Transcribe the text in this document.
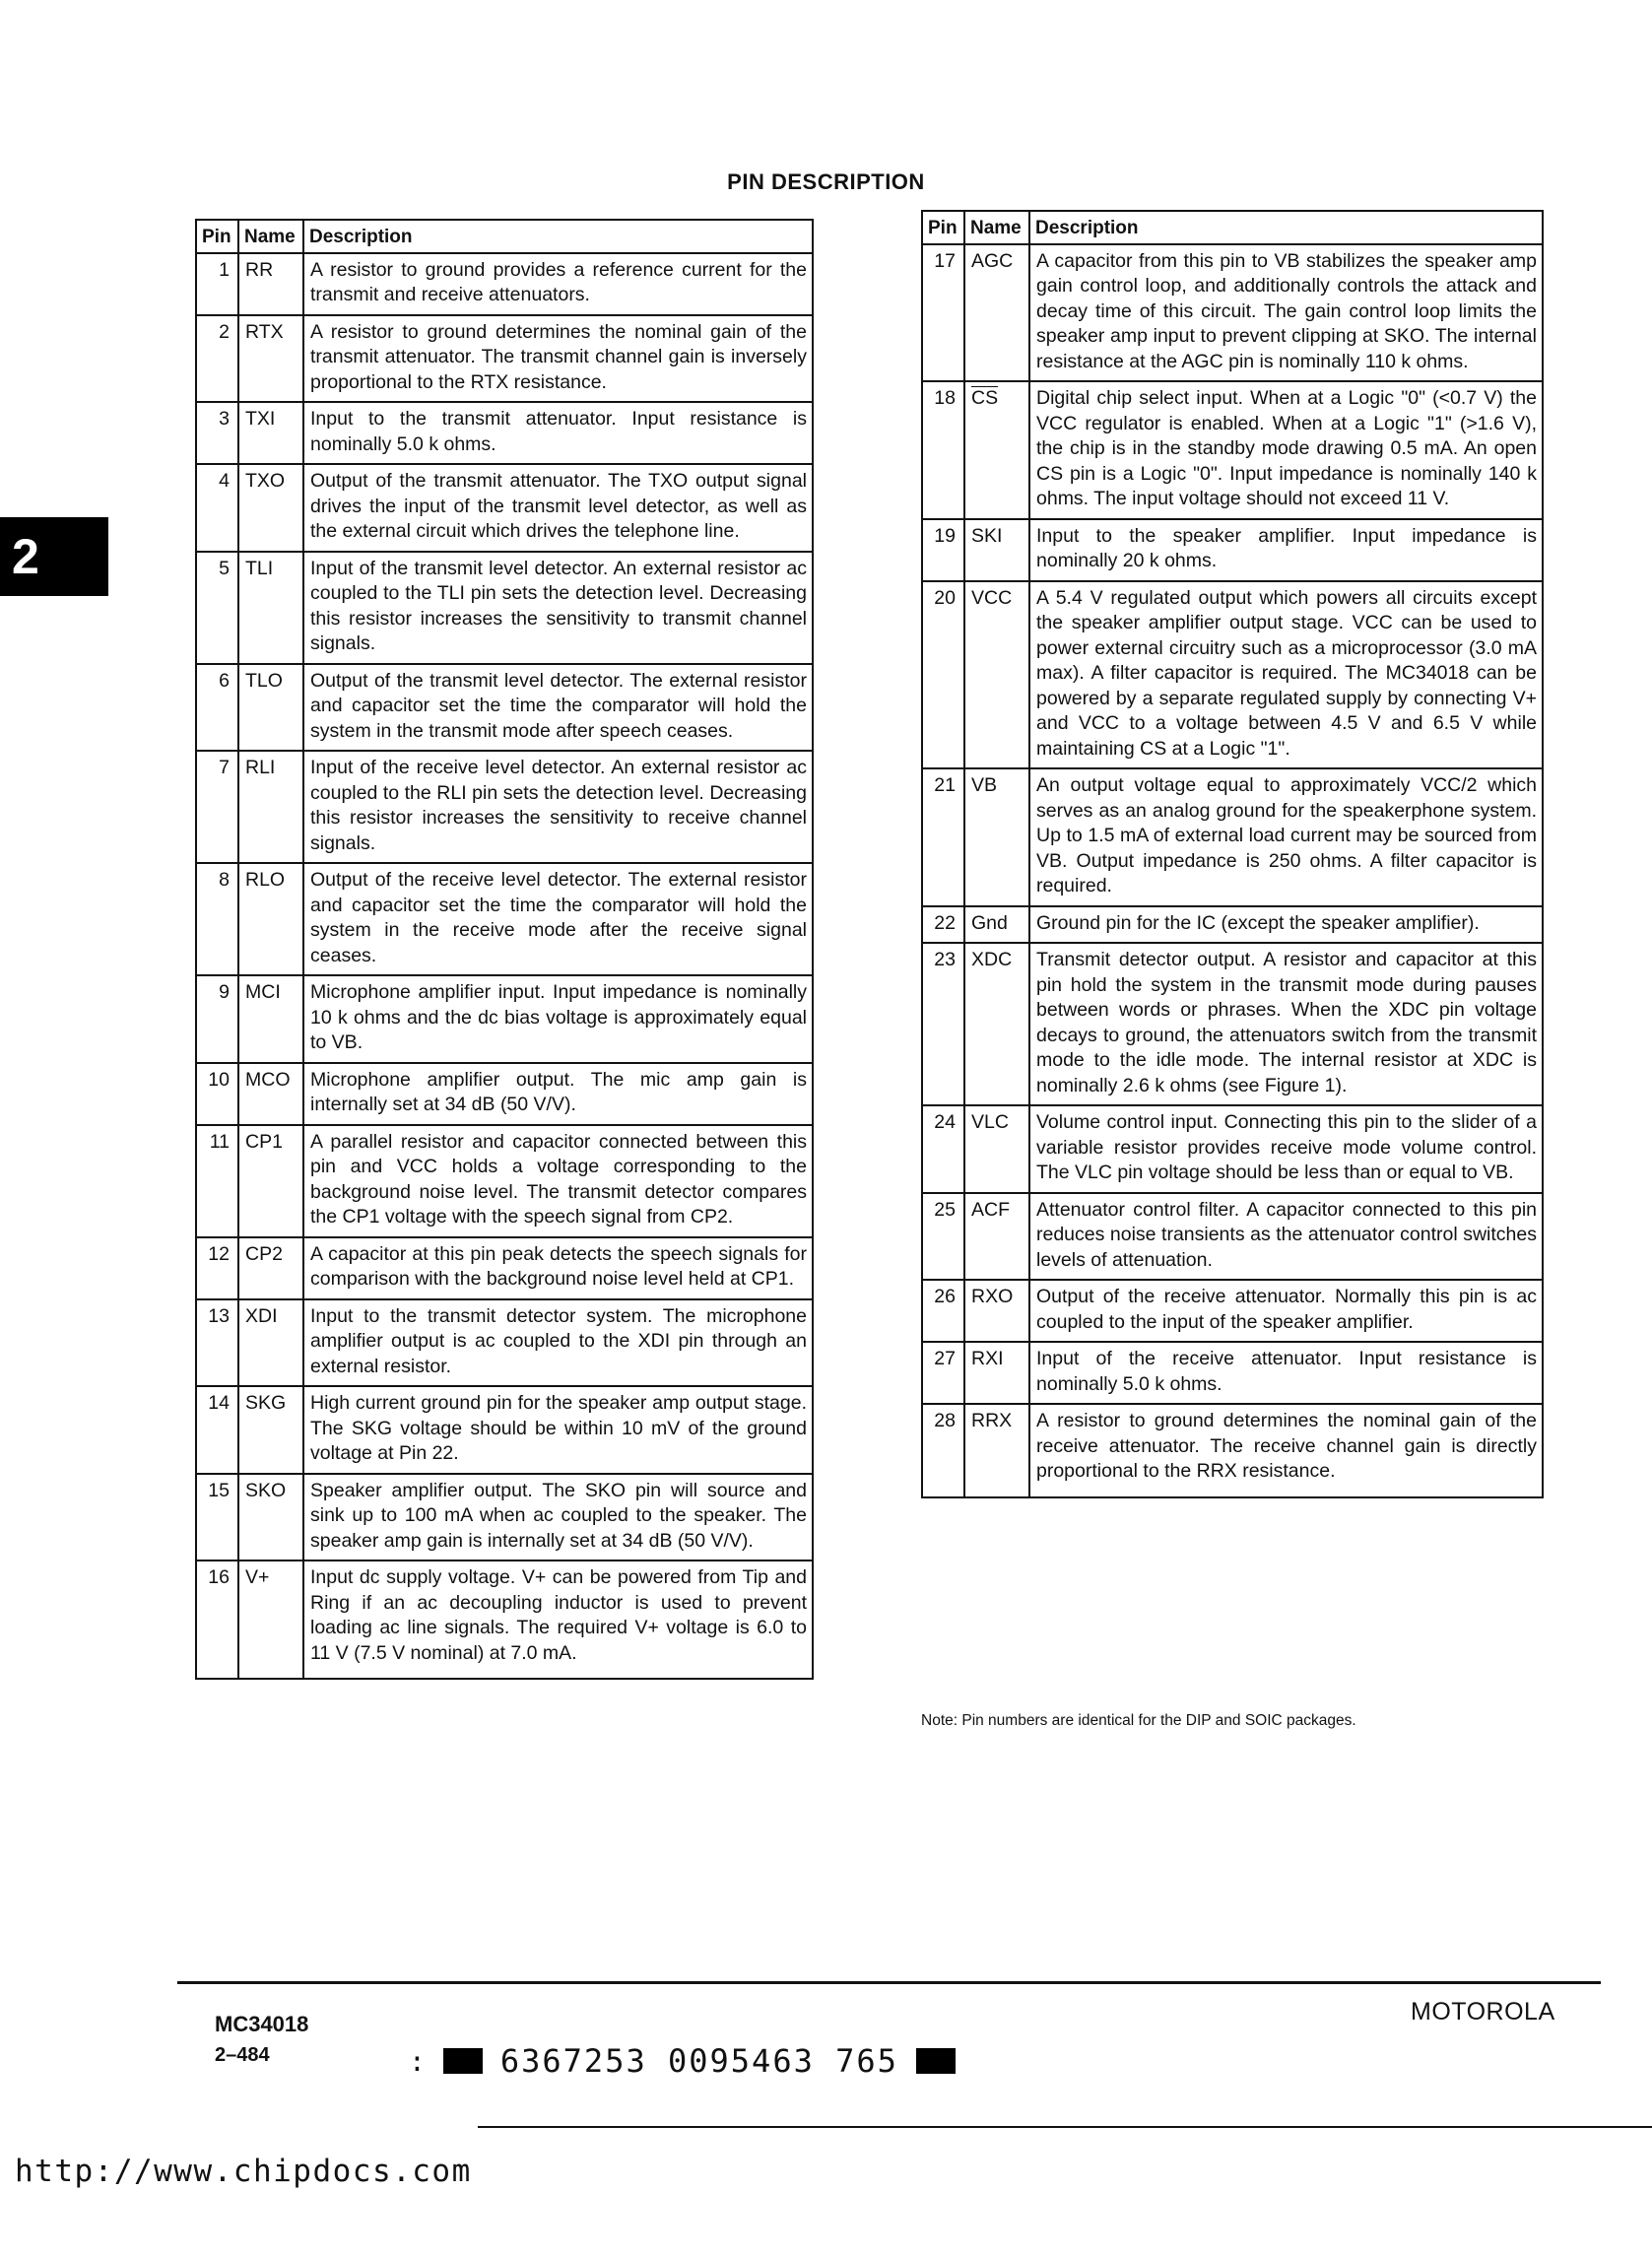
PIN DESCRIPTION
2
Pin	Name	Description
1	RR	A resistor to ground provides a reference current for the transmit and receive attenuators.
2	RTX	A resistor to ground determines the nominal gain of the transmit attenuator. The transmit channel gain is inversely proportional to the RTX resistance.
3	TXI	Input to the transmit attenuator. Input resistance is nominally 5.0 k ohms.
4	TXO	Output of the transmit attenuator. The TXO output signal drives the input of the transmit level detector, as well as the external circuit which drives the telephone line.
5	TLI	Input of the transmit level detector. An external resistor ac coupled to the TLI pin sets the detection level. Decreasing this resistor increases the sensitivity to transmit channel signals.
6	TLO	Output of the transmit level detector. The external resistor and capacitor set the time the comparator will hold the system in the transmit mode after speech ceases.
7	RLI	Input of the receive level detector. An external resistor ac coupled to the RLI pin sets the detection level. Decreasing this resistor increases the sensitivity to receive channel signals.
8	RLO	Output of the receive level detector. The external resistor and capacitor set the time the comparator will hold the system in the receive mode after the receive signal ceases.
9	MCI	Microphone amplifier input. Input impedance is nominally 10 k ohms and the dc bias voltage is approximately equal to VB.
10	MCO	Microphone amplifier output. The mic amp gain is internally set at 34 dB (50 V/V).
11	CP1	A parallel resistor and capacitor connected between this pin and VCC holds a voltage corresponding to the background noise level. The transmit detector compares the CP1 voltage with the speech signal from CP2.
12	CP2	A capacitor at this pin peak detects the speech signals for comparison with the background noise level held at CP1.
13	XDI	Input to the transmit detector system. The microphone amplifier output is ac coupled to the XDI pin through an external resistor.
14	SKG	High current ground pin for the speaker amp output stage. The SKG voltage should be within 10 mV of the ground voltage at Pin 22.
15	SKO	Speaker amplifier output. The SKO pin will source and sink up to 100 mA when ac coupled to the speaker. The speaker amp gain is internally set at 34 dB (50 V/V).
16	V+	Input dc supply voltage. V+ can be powered from Tip and Ring if an ac decoupling inductor is used to prevent loading ac line signals. The required V+ voltage is 6.0 to 11 V (7.5 V nominal) at 7.0 mA.
Pin	Name	Description
17	AGC	A capacitor from this pin to VB stabilizes the speaker amp gain control loop, and additionally controls the attack and decay time of this circuit. The gain control loop limits the speaker amp input to prevent clipping at SKO. The internal resistance at the AGC pin is nominally 110 k ohms.
18	$\overline{CS}$	Digital chip select input. When at a Logic "0" (<0.7 V) the VCC regulator is enabled. When at a Logic "1" (>1.6 V), the chip is in the standby mode drawing 0.5 mA. An open CS pin is a Logic "0". Input impedance is nominally 140 k ohms. The input voltage should not exceed 11 V.
19	SKI	Input to the speaker amplifier. Input impedance is nominally 20 k ohms.
20	VCC	A 5.4 V regulated output which powers all circuits except the speaker amplifier output stage. VCC can be used to power external circuitry such as a microprocessor (3.0 mA max). A filter capacitor is required. The MC34018 can be powered by a separate regulated supply by connecting V+ and VCC to a voltage between 4.5 V and 6.5 V while maintaining CS at a Logic "1".
21	VB	An output voltage equal to approximately VCC/2 which serves as an analog ground for the speakerphone system. Up to 1.5 mA of external load current may be sourced from VB. Output impedance is 250 ohms. A filter capacitor is required.
22	Gnd	Ground pin for the IC (except the speaker amplifier).
23	XDC	Transmit detector output. A resistor and capacitor at this pin hold the system in the transmit mode during pauses between words or phrases. When the XDC pin voltage decays to ground, the attenuators switch from the transmit mode to the idle mode. The internal resistor at XDC is nominally 2.6 k ohms (see Figure 1).
24	VLC	Volume control input. Connecting this pin to the slider of a variable resistor provides receive mode volume control. The VLC pin voltage should be less than or equal to VB.
25	ACF	Attenuator control filter. A capacitor connected to this pin reduces noise transients as the attenuator control switches levels of attenuation.
26	RXO	Output of the receive attenuator. Normally this pin is ac coupled to the input of the speaker amplifier.
27	RXI	Input of the receive attenuator. Input resistance is nominally 5.0 k ohms.
28	RRX	A resistor to ground determines the nominal gain of the receive attenuator. The receive channel gain is directly proportional to the RRX resistance.
Note: Pin numbers are identical for the DIP and SOIC packages.
MC34018
2–484
MOTOROLA
: 6367253 0095463 765
http://www.chipdocs.com
